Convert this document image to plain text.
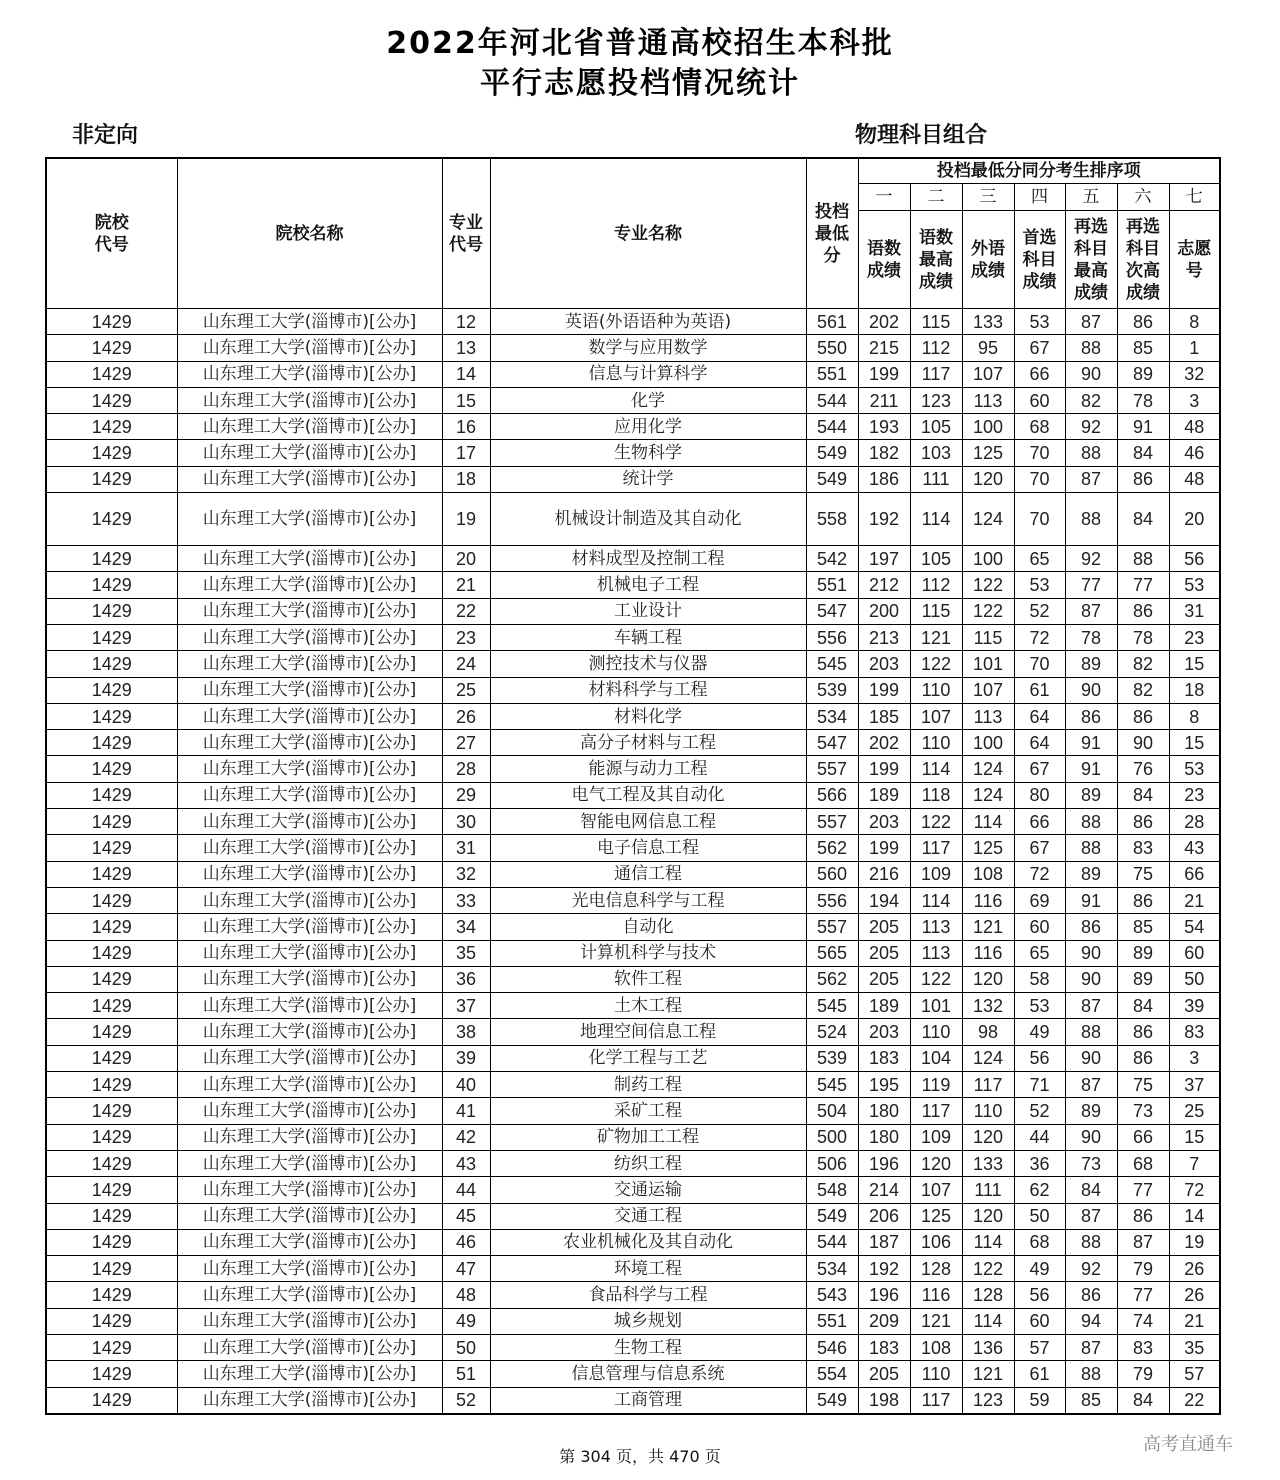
2022年河北省普通高校招生本科批
平行志愿投档情况统计
非定向	物理科目组合
院校代号	院校名称	专业代号	专业名称	投档最低分	投档最低分同分考生排序项						
					一	二	三	四	五	六	七
					语数成绩	语数最高成绩	外语成绩	首选科目成绩	再选科目最高成绩	再选科目次高成绩	志愿号
1429	山东理工大学(淄博市)[公办]	12	英语(外语语种为英语)	561	202	115	133	53	87	86	8
1429	山东理工大学(淄博市)[公办]	13	数学与应用数学	550	215	112	95	67	88	85	1
1429	山东理工大学(淄博市)[公办]	14	信息与计算科学	551	199	117	107	66	90	89	32
1429	山东理工大学(淄博市)[公办]	15	化学	544	211	123	113	60	82	78	3
1429	山东理工大学(淄博市)[公办]	16	应用化学	544	193	105	100	68	92	91	48
1429	山东理工大学(淄博市)[公办]	17	生物科学	549	182	103	125	70	88	84	46
1429	山东理工大学(淄博市)[公办]	18	统计学	549	186	111	120	70	87	86	48
1429	山东理工大学(淄博市)[公办]	19	机械设计制造及其自动化	558	192	114	124	70	88	84	20
1429	山东理工大学(淄博市)[公办]	20	材料成型及控制工程	542	197	105	100	65	92	88	56
1429	山东理工大学(淄博市)[公办]	21	机械电子工程	551	212	112	122	53	77	77	53
1429	山东理工大学(淄博市)[公办]	22	工业设计	547	200	115	122	52	87	86	31
1429	山东理工大学(淄博市)[公办]	23	车辆工程	556	213	121	115	72	78	78	23
1429	山东理工大学(淄博市)[公办]	24	测控技术与仪器	545	203	122	101	70	89	82	15
1429	山东理工大学(淄博市)[公办]	25	材料科学与工程	539	199	110	107	61	90	82	18
1429	山东理工大学(淄博市)[公办]	26	材料化学	534	185	107	113	64	86	86	8
1429	山东理工大学(淄博市)[公办]	27	高分子材料与工程	547	202	110	100	64	91	90	15
1429	山东理工大学(淄博市)[公办]	28	能源与动力工程	557	199	114	124	67	91	76	53
1429	山东理工大学(淄博市)[公办]	29	电气工程及其自动化	566	189	118	124	80	89	84	23
1429	山东理工大学(淄博市)[公办]	30	智能电网信息工程	557	203	122	114	66	88	86	28
1429	山东理工大学(淄博市)[公办]	31	电子信息工程	562	199	117	125	67	88	83	43
1429	山东理工大学(淄博市)[公办]	32	通信工程	560	216	109	108	72	89	75	66
1429	山东理工大学(淄博市)[公办]	33	光电信息科学与工程	556	194	114	116	69	91	86	21
1429	山东理工大学(淄博市)[公办]	34	自动化	557	205	113	121	60	86	85	54
1429	山东理工大学(淄博市)[公办]	35	计算机科学与技术	565	205	113	116	65	90	89	60
1429	山东理工大学(淄博市)[公办]	36	软件工程	562	205	122	120	58	90	89	50
1429	山东理工大学(淄博市)[公办]	37	土木工程	545	189	101	132	53	87	84	39
1429	山东理工大学(淄博市)[公办]	38	地理空间信息工程	524	203	110	98	49	88	86	83
1429	山东理工大学(淄博市)[公办]	39	化学工程与工艺	539	183	104	124	56	90	86	3
1429	山东理工大学(淄博市)[公办]	40	制药工程	545	195	119	117	71	87	75	37
1429	山东理工大学(淄博市)[公办]	41	采矿工程	504	180	117	110	52	89	73	25
1429	山东理工大学(淄博市)[公办]	42	矿物加工工程	500	180	109	120	44	90	66	15
1429	山东理工大学(淄博市)[公办]	43	纺织工程	506	196	120	133	36	73	68	7
1429	山东理工大学(淄博市)[公办]	44	交通运输	548	214	107	111	62	84	77	72
1429	山东理工大学(淄博市)[公办]	45	交通工程	549	206	125	120	50	87	86	14
1429	山东理工大学(淄博市)[公办]	46	农业机械化及其自动化	544	187	106	114	68	88	87	19
1429	山东理工大学(淄博市)[公办]	47	环境工程	534	192	128	122	49	92	79	26
1429	山东理工大学(淄博市)[公办]	48	食品科学与工程	543	196	116	128	56	86	77	26
1429	山东理工大学(淄博市)[公办]	49	城乡规划	551	209	121	114	60	94	74	21
1429	山东理工大学(淄博市)[公办]	50	生物工程	546	183	108	136	57	87	83	35
1429	山东理工大学(淄博市)[公办]	51	信息管理与信息系统	554	205	110	121	61	88	79	57
1429	山东理工大学(淄博市)[公办]	52	工商管理	549	198	117	123	59	85	84	22
第 304 页，共 470 页
高考直通车
